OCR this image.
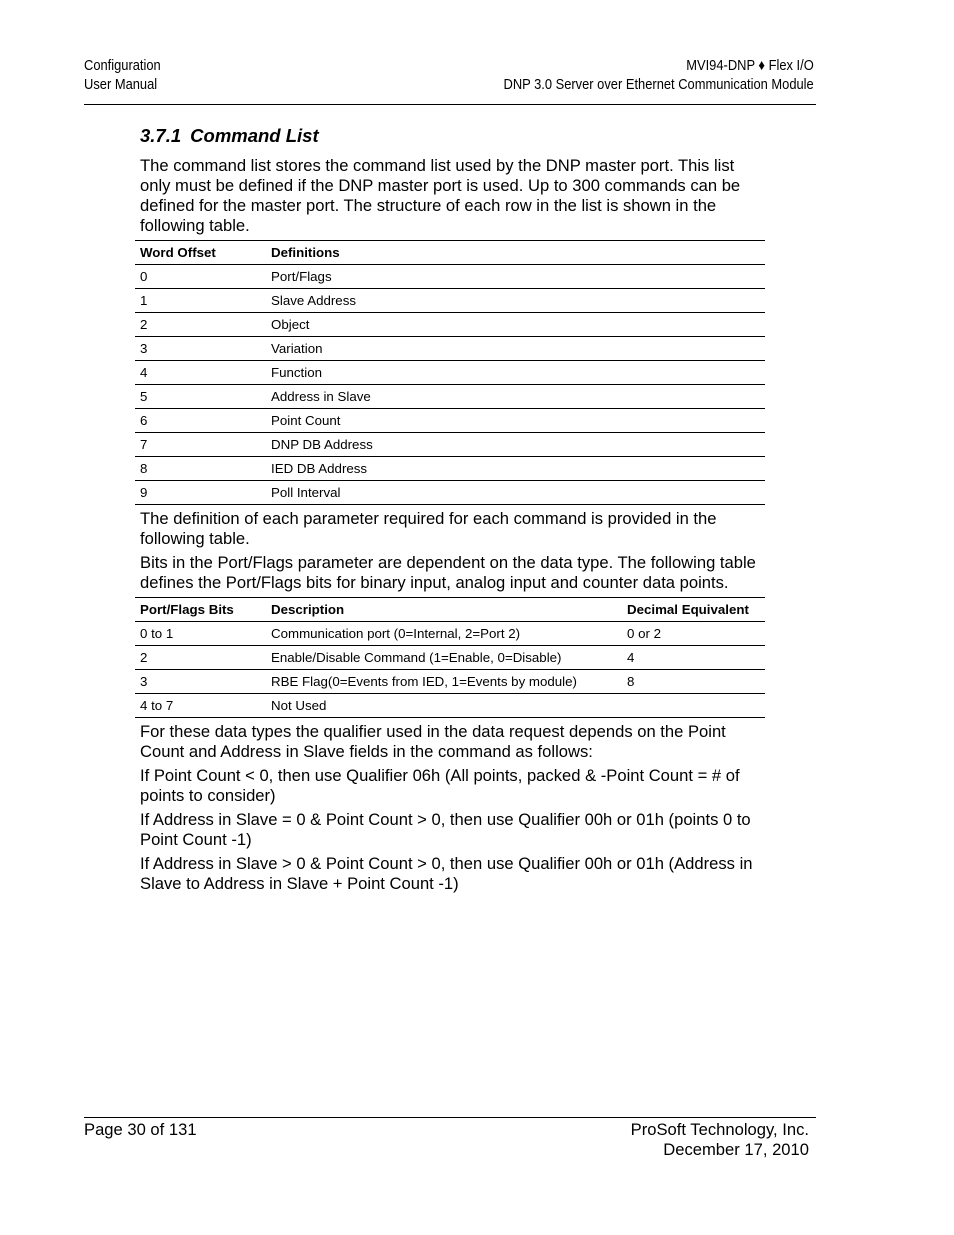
Configuration
User Manual
MVI94-DNP ♦ Flex I/O
DNP 3.0 Server over Ethernet Communication Module
3.7.1 Command List

The command list stores the command list used by the DNP master port. This list only must be defined if the DNP master port is used. Up to 300 commands can be defined for the master port. The structure of each row in the list is shown in the following table.

Word Offset	Definitions
0	Port/Flags
1	Slave Address
2	Object
3	Variation
4	Function
5	Address in Slave
6	Point Count
7	DNP DB Address
8	IED DB Address
9	Poll Interval

The definition of each parameter required for each command is provided in the following table.

Bits in the Port/Flags parameter are dependent on the data type. The following table defines the Port/Flags bits for binary input, analog input and counter data points.

Port/Flags Bits	Description	Decimal Equivalent
0 to 1	Communication port (0=Internal, 2=Port 2)	0 or 2
2	Enable/Disable Command (1=Enable, 0=Disable)	4
3	RBE Flag(0=Events from IED, 1=Events by module)	8
4 to 7	Not Used	

For these data types the qualifier used in the data request depends on the Point Count and Address in Slave fields in the command as follows:

If Point Count < 0, then use Qualifier 06h (All points, packed & -Point Count = # of points to consider)

If Address in Slave = 0 & Point Count > 0, then use Qualifier 00h or 01h (points 0 to Point Count -1)

If Address in Slave > 0 & Point Count > 0, then use Qualifier 00h or 01h (Address in Slave to Address in Slave + Point Count -1)

Page 30 of 131	ProSoft Technology, Inc.
December 17, 2010
